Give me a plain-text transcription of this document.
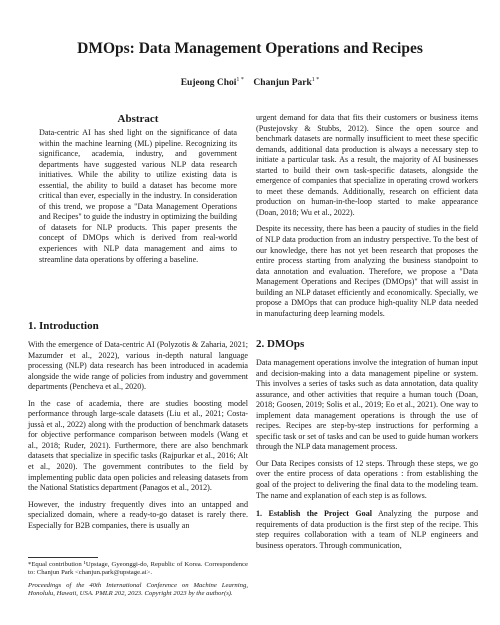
DMOps: Data Management Operations and Recipes
Eujeong Choi$^{1 *}$ Chanjun Park$^{1 *}$
Abstract

Data-centric AI has shed light on the significance of data within the machine learning (ML) pipeline. Recognizing its significance, academia, industry, and government departments have suggested various NLP data research initiatives. While the ability to utilize existing data is essential, the ability to build a dataset has become more critical than ever, especially in the industry. In consideration of this trend, we propose a "Data Management Operations and Recipes" to guide the industry in optimizing the building of datasets for NLP products. This paper presents the concept of DMOps which is derived from real-world experiences with NLP data management and aims to streamline data operations by offering a baseline.

1. Introduction

With the emergence of Data-centric AI (Polyzotis & Zaharia, 2021; Mazumder et al., 2022), various in-depth natural language processing (NLP) data research has been introduced in academia alongside the wide range of policies from industry and government departments (Pencheva et al., 2020).

In the case of academia, there are studies boosting model performance through large-scale datasets (Liu et al., 2021; Costa-jussà et al., 2022) along with the production of benchmark datasets for objective performance comparison between models (Wang et al., 2018; Ruder, 2021). Furthermore, there are also benchmark datasets that specialize in specific tasks (Rajpurkar et al., 2016; Alt et al., 2020). The government contributes to the field by implementing public data open policies and releasing datasets from the National Statistics department (Panagos et al., 2012).

However, the industry frequently dives into an untapped and specialized domain, where a ready-to-go dataset is rarely there. Especially for B2B companies, there is usually an

*Equal contribution ¹Upstage, Gyeonggi-do, Republic of Korea. Correspondence to: Chanjun Park <chanjun.park@upstage.ai>.

Proceedings of the 40th International Conference on Machine Learning, Honolulu, Hawaii, USA. PMLR 202, 2023. Copyright 2023 by the author(s).

urgent demand for data that fits their customers or business items (Pustejovsky & Stubbs, 2012). Since the open source and benchmark datasets are normally insufficient to meet these specific demands, additional data production is always a necessary step to initiate a particular task. As a result, the majority of AI businesses started to build their own task-specific datasets, alongside the emergence of companies that specialize in operating crowd workers to meet these demands. Additionally, research on efficient data production on human-in-the-loop started to make appearance (Doan, 2018; Wu et al., 2022).

Despite its necessity, there has been a paucity of studies in the field of NLP data production from an industry perspective. To the best of our knowledge, there has not yet been research that proposes the entire process starting from analyzing the business standpoint to data annotation and evaluation. Therefore, we propose a "Data Management Operations and Recipes (DMOps)" that will assist in building an NLP dataset efficiently and economically. Specially, we propose a DMOps that can produce high-quality NLP data needed in manufacturing deep learning models.

2. DMOps

Data management operations involve the integration of human input and decision-making into a data management pipeline or system. This involves a series of tasks such as data annotation, data quality assurance, and other activities that require a human touch (Doan, 2018; Goosen, 2019; Solis et al., 2019; Eo et al., 2021). One way to implement data management operations is through the use of recipes. Recipes are step-by-step instructions for performing a specific task or set of tasks and can be used to guide human workers through the NLP data management process.

Our Data Recipes consists of 12 steps. Through these steps, we go over the entire process of data operations : from establishing the goal of the project to delivering the final data to the modeling team. The name and explanation of each step is as follows.

1. Establish the Project Goal Analyzing the purpose and requirements of data production is the first step of the recipe. This step requires collaboration with a team of NLP engineers and business operators. Through communication,
